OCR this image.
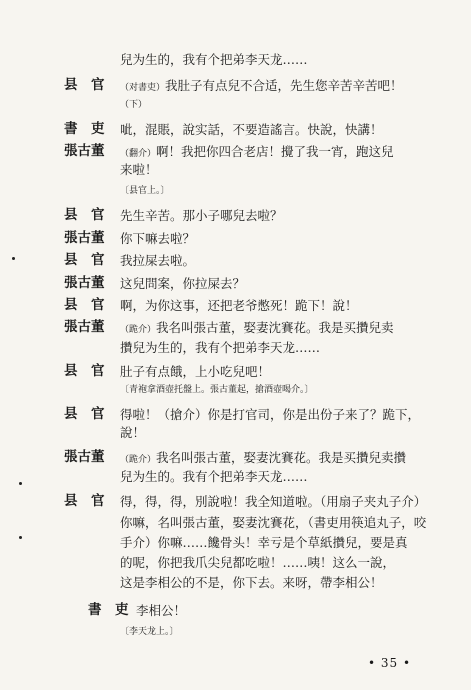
兒为生的，我有个把弟李天龙……
县　官 （对書吏）我肚子有点兒不合适，先生您辛苦辛苦吧！
（下）
書　吏 呲，混賬，說实話，不要造謠言。快說，快講！
張古董 （翻介）啊！我把你四合老店！攪了我一宵，跑这兒
来啦！
〔县官上。〕
县　官 先生辛苦。那小子哪兒去啦？
張古董 你下嘛去啦？
县　官 我拉屎去啦。
張古董 这兒問案，你拉屎去？
县　官 啊，为你这事，还把老爷憋死！跪下！說！
張古董 （跪介）我名叫張古董，娶妻沈賽花。我是买攢兒卖
攢兒为生的，我有个把弟李天龙……
县　官 肚子有点餓，上小吃兒吧！
〔青袍拿酒壺托盤上。張古董起，搶酒壺喝介。〕
县　官 得啦！（搶介）你是打官司，你是出份子来了？跪下，
說！
張古董 （跪介）我名叫張古董，娶妻沈賽花。我是买攢兒卖攢
兒为生的。我有个把弟李天龙……
县　官 得，得，得，別說啦！我全知道啦。（用扇子夹丸子介）
你嘛，名叫張古董，娶妻沈賽花，（書吏用筷追丸子，咬
手介）你嘛……饞骨头！幸亏是个草紙攢兒，要是真
的呢，你把我爪尖兒都吃啦！……咦！这么一說，
这是李相公的不是，你下去。来呀，帶李相公！
書　吏 李相公！
〔李天龙上。〕
• 35 •
